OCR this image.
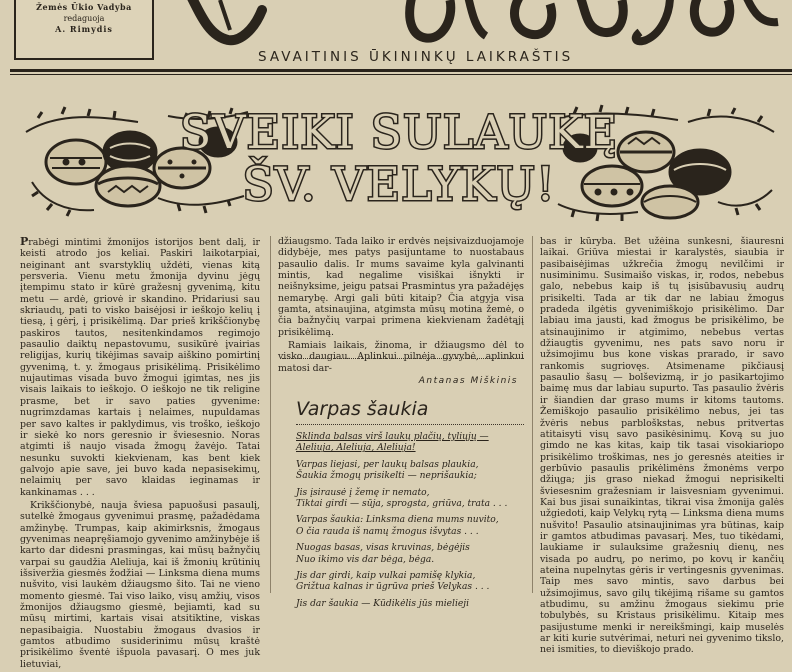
Žemės Ūkio Vadyba
redaguoja
A. Rimydis
SAVAITINIS ŪKININKŲ LAIKRAŠTIS
SVEIKI SULAUKĘ
ŠV. VELYKŲ!

Prabėgi mintimi žmonijos istorijos bent dalį, ir keisti atrodo jos keliai. Paskiri laikotarpiai, neiginant ant svarstyklių uždėti, vienas kitą persveria. Vienu metu žmonija dyvinu jėgų įtempimu stato ir kūrė gražesnį gyvenimą, kitu metu — ardė, griovė ir skandino. Pridariusi sau skriaudų, pati to visko baisėjosi ir ieškojo kelių į tiesą, į gėrį, į prisikėlimą. Dar prieš krikščionybę paskiros tautos, nesitenkindamos regimojo pasaulio daiktų nepastovumu, susikūrė įvairias religijas, kurių tikėjimas savaip aiškino pomirtinį gyvenimą, t. y. žmogaus prisikėlimą. Prisikėlimo nujautimas visada buvo žmogui įgimtas, nes jis visais laikais to ieškojo. O ieškojo ne tik religine prasme, bet ir savo paties gyvenime: nugrimzdamas kartais į nelaimes, nupuldamas per savo kaltes ir paklydimus, vis troško, ieškojo ir siekė ko nors geresnio ir šviesesnio. Noras atgimti iš naujo visada žmogų žavėjo. Tatai nesunku suvokti kiekvienam, kas bent kiek galvojo apie save, jei buvo kada nepasisekimų, nelaimių per savo klaidas ieginamas ir kankinamas . . .

Krikščionybė, nauja šviesa papuošusi pasaulį, sutelkė žmogaus gyvenimui prasmę, pažadėdama amžinybę. Trumpas, kaip akimirksnis, žmogaus gyvenimas neapręšiamojo gyvenimo amžinybėje iš karto dar didesni prasmingas, kai mūsų bažnyčių varpai su gaudžia Aleliuja, kai iš žmonių krūtinių išsiveržia giesmės žodžiai — Linksma diena mums nušvito, visi laukėm džiaugsmo šito. Tai ne vieno momento giesmė. Tai viso laiko, visų amžių, visos žmonijos džiaugsmo giesmė, bejiamti, kad su mūsų mirtimi, kartais visai atsitiktine, viskas nepasibaigia. Nuostabiu žmogaus dvasios ir gamtos atbudimo susiderinimu mūsų kraštė prisikėlimo šventė išpuola pavasarį. O mes juk lietuviai,

džiaugsmo. Tada laiko ir erdvės neįsivaizduojamoje didybėje, mes patys pasijuntame to nuostabaus pasaulio dalis. Ir mums savaime kyla galvinanti mintis, kad negalime visiškai išnykti ir neišnyksime, jeigu patsai Prasmintus yra pažadėjęs nemarybę. Argi gali būti kitaip? Čia atgyja visa gamta, atsinaujina, atgimsta mūsų motina žemė, o čia bažnyčių varpai primena kiekvienam žadėtąjį prisikėlimą.

Ramiais laikais, žinoma, ir džiaugsmo dėl to visko daugiau. Aplinkui pilnėja gyvybė, aplinkui matosi dar-

Antanas Miškinis
Varpas šaukia
Sklinda balsas virš laukų plačių, tyliųjų —
Aleliuja, Aleliuja, Aleliuja!
Varpas liejasi, per laukų balsas plaukia,
Šaukia žmogų prisikelti — neprišaukia;
Jis įsirausė į žemę ir nemato,
Tiktai girdi — sūja, sprogsta, griūva, trata . . .
Varpas šaukia: Linksma diena mums nuvito,
O čia rauda iš namų žmogus išvytas . . .
Nuogas basas, visas kruvinas, bėgėjis
Nuo ikimo vis dar bėga, bėga.
Jis dar girdi, kaip vulkai pamišę klykia,
Grižtua kalnas ir ūgrūva prieš Velykas . . .
Jis dar šaukia — Kūdikėlis jūs mielieji

bas ir kūryba. Bet užėina sunkesni, šiauresni laikai. Griūva miestai ir karalystės, siaubia ir pasibaisėjimas užkrečia žmogų nevilčimi ir nusiminimu. Susimaišo viskas, ir, rodos, nebebus galo, nebebus kaip iš tų įsisūbavusių audrų prisikelti. Tada ar tik dar ne labiau žmogus pradeda ilgėtis gyvenimiškojo prisikėlimo. Dar labiau ima jausti, kad žmogus be prisikėlimo, be atsinaujinimo ir atgimimo, nebebus vertas džiaugtis gyvenimu, nes pats savo noru ir užsimojimu bus kone viskas prarado, ir savo rankomis sugriovęs. Atsimename pikčiausį pasaulio šasų — bolševizmą, ir jo pasikartojimo baimę mus dar labiau supurto. Tas pasaulio žvėris ir šiandien dar graso mums ir kitoms tautoms. Žemiškojo pasaulio prisikėlimo nebus, jei tas žvėris nebus parbloškstas, nebus pritvertas atitaisyti visų savo pasikėsinimų. Kovą su juo gimdo ne kas kitas, kaip tik tasai visokiariopo prisikėlimo troškimas, nes jo geresnės ateities ir gerbūvio pasaulis prikėlimėns žmonėms verpo džiųga; jis graso niekad žmogui neprisikelti šviesesnim gražesniam ir laisvesniam gyvenimui. Kai bus jisai sunaikintas, tikrai visa žmonija galės užgiedoti, kaip Velykų rytą — Linksma diena mums nušvito! Pasaulio atsinaujinimas yra būtinas, kaip ir gamtos atbudimas pavasarį. Mes, tuo tikėdami, laukiame ir sulauksime gražesnių dienų, nes visada po audrų, po nerimo, po kovų ir kančių ateina nupelnytas gėris ir vertingesnis gyvenimas. Taip mes savo mintis, savo darbus bei užsimojimus, savo gilų tikėjimą rišame su gamtos atbudimu, su amžinu žmogaus siekimu prie tobulybės, su Kristaus prisikėlimu. Kitaip mes pasijustume menki ir nereikšmingi, kaip muselės ar kiti kurie sutvėrimai, neturi nei gyvenimo tikslo, nei ismities, to dieviškojo prado.
